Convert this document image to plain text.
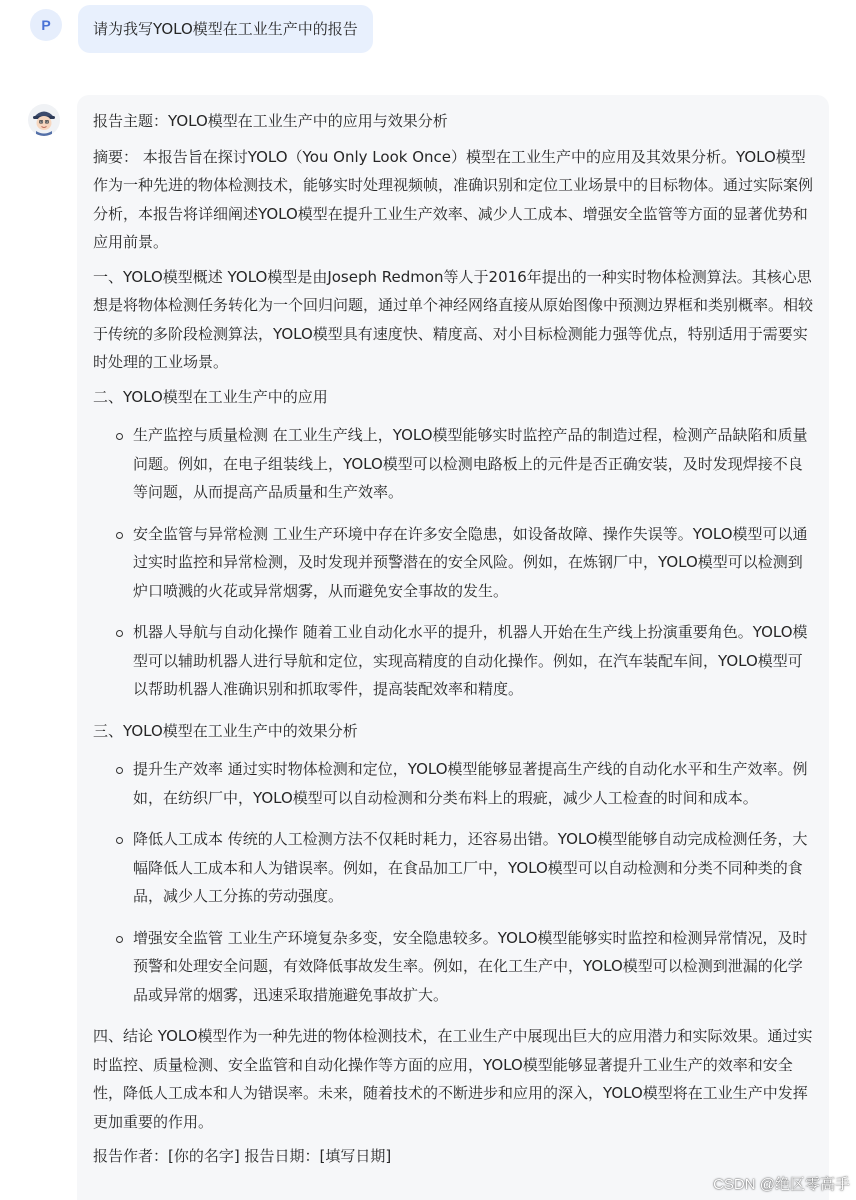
P	请为我写YOLO模型在工业生产中的报告
报告主题：YOLO模型在工业生产中的应用与效果分析
摘要： 本报告旨在探讨YOLO（You Only Look Once）模型在工业生产中的应用及其效果分析。YOLO模型作为一种先进的物体检测技术，能够实时处理视频帧，准确识别和定位工业场景中的目标物体。通过实际案例分析，本报告将详细阐述YOLO模型在提升工业生产效率、减少人工成本、增强安全监管等方面的显著优势和应用前景。
一、YOLO模型概述 YOLO模型是由Joseph Redmon等人于2016年提出的一种实时物体检测算法。其核心思想是将物体检测任务转化为一个回归问题，通过单个神经网络直接从原始图像中预测边界框和类别概率。相较于传统的多阶段检测算法，YOLO模型具有速度快、精度高、对小目标检测能力强等优点，特别适用于需要实时处理的工业场景。
二、YOLO模型在工业生产中的应用
生产监控与质量检测 在工业生产线上，YOLO模型能够实时监控产品的制造过程，检测产品缺陷和质量问题。例如，在电子组装线上，YOLO模型可以检测电路板上的元件是否正确安装，及时发现焊接不良等问题，从而提高产品质量和生产效率。
安全监管与异常检测 工业生产环境中存在许多安全隐患，如设备故障、操作失误等。YOLO模型可以通过实时监控和异常检测，及时发现并预警潜在的安全风险。例如，在炼钢厂中，YOLO模型可以检测到炉口喷溅的火花或异常烟雾，从而避免安全事故的发生。
机器人导航与自动化操作 随着工业自动化水平的提升，机器人开始在生产线上扮演重要角色。YOLO模型可以辅助机器人进行导航和定位，实现高精度的自动化操作。例如，在汽车装配车间，YOLO模型可以帮助机器人准确识别和抓取零件，提高装配效率和精度。
三、YOLO模型在工业生产中的效果分析
提升生产效率 通过实时物体检测和定位，YOLO模型能够显著提高生产线的自动化水平和生产效率。例如，在纺织厂中，YOLO模型可以自动检测和分类布料上的瑕疵，减少人工检查的时间和成本。
降低人工成本 传统的人工检测方法不仅耗时耗力，还容易出错。YOLO模型能够自动完成检测任务，大幅降低人工成本和人为错误率。例如，在食品加工厂中，YOLO模型可以自动检测和分类不同种类的食品，减少人工分拣的劳动强度。
增强安全监管 工业生产环境复杂多变，安全隐患较多。YOLO模型能够实时监控和检测异常情况，及时预警和处理安全问题，有效降低事故发生率。例如，在化工生产中，YOLO模型可以检测到泄漏的化学品或异常的烟雾，迅速采取措施避免事故扩大。
四、结论 YOLO模型作为一种先进的物体检测技术，在工业生产中展现出巨大的应用潜力和实际效果。通过实时监控、质量检测、安全监管和自动化操作等方面的应用，YOLO模型能够显著提升工业生产的效率和安全性，降低人工成本和人为错误率。未来，随着技术的不断进步和应用的深入，YOLO模型将在工业生产中发挥更加重要的作用。
报告作者：[你的名字] 报告日期：[填写日期]
CSDN @绝区零高手
